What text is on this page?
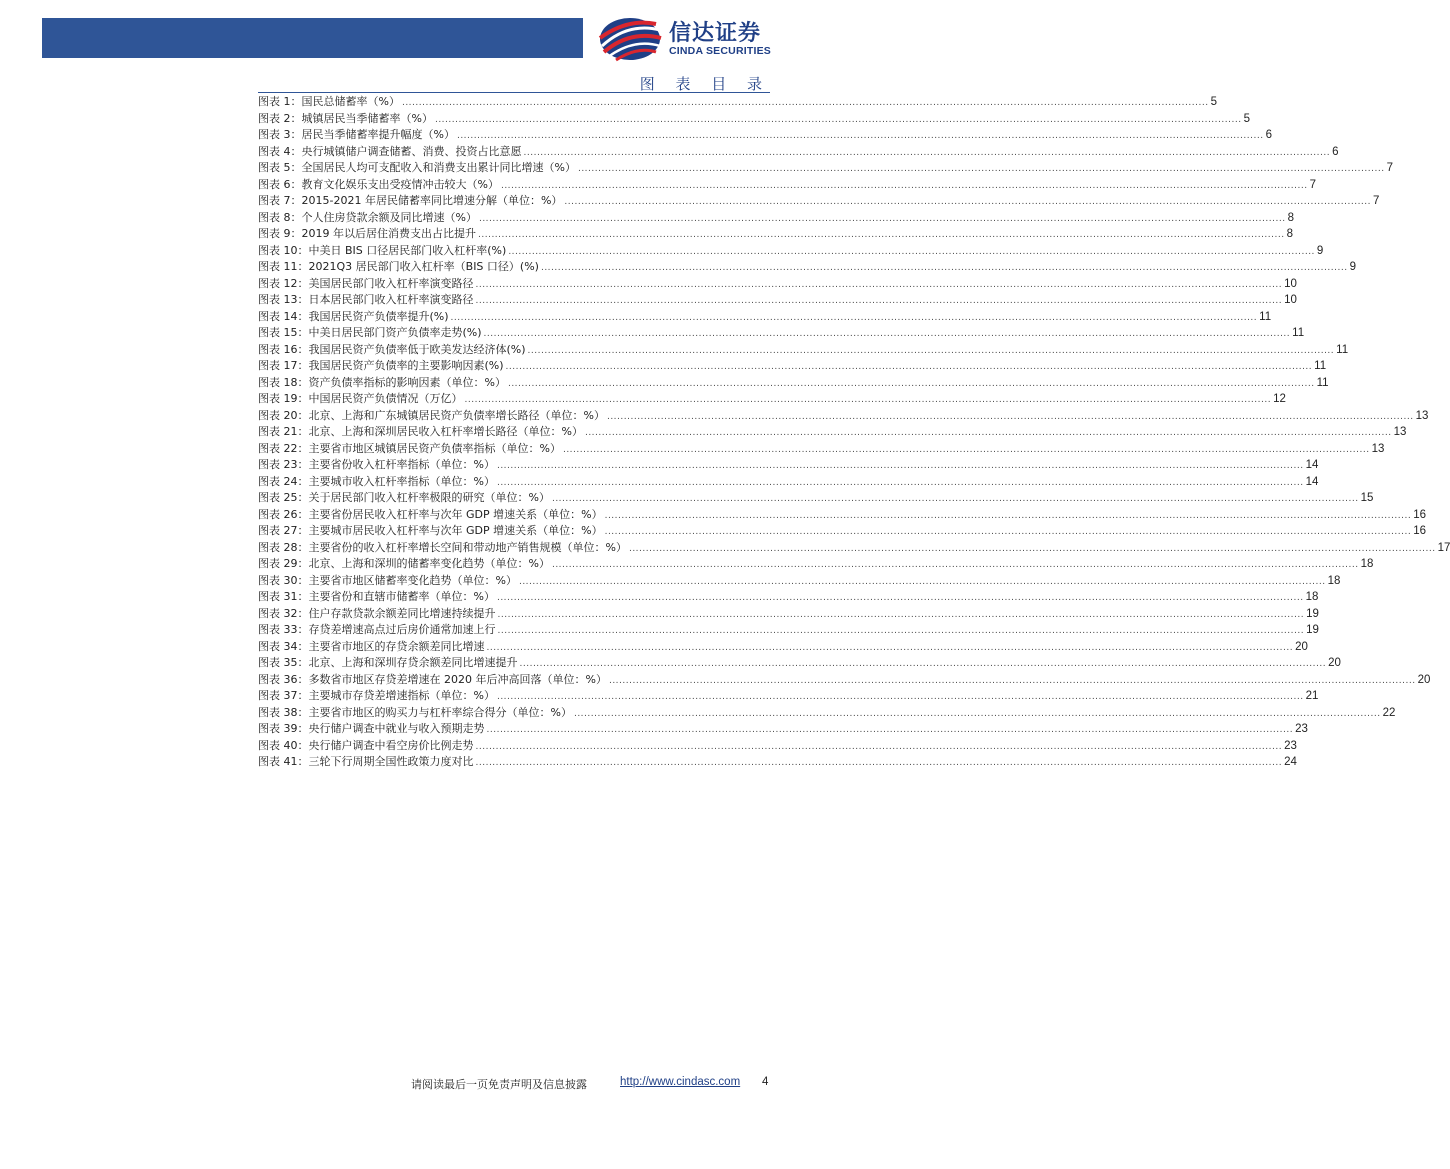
信达证券
CINDA SECURITIES
图 表 目 录
图表 1： 国民总储蓄率（%） .....	5
图表 2： 城镇居民当季储蓄率（%） .....	5
图表 3： 居民当季储蓄率提升幅度（%） .....	6
图表 4： 央行城镇储户调查储蓄、消费、投资占比意愿 .....	6
图表 5： 全国居民人均可支配收入和消费支出累计同比增速（%） .....	7
图表 6： 教育文化娱乐支出受疫情冲击较大（%） .....	7
图表 7： 2015-2021 年居民储蓄率同比增速分解（单位：%） .....	7
图表 8： 个人住房贷款余额及同比增速（%） .....	8
图表 9： 2019 年以后居住消费支出占比提升 .....	8
图表 10： 中美日 BIS 口径居民部门收入杠杆率(%) .....	9
图表 11： 2021Q3 居民部门收入杠杆率（BIS 口径）(%) .....	9
图表 12： 美国居民部门收入杠杆率演变路径 .....	10
图表 13： 日本居民部门收入杠杆率演变路径 .....	10
图表 14： 我国居民资产负债率提升(%) .....	11
图表 15： 中美日居民部门资产负债率走势(%) .....	11
图表 16： 我国居民资产负债率低于欧美发达经济体(%) .....	11
图表 17： 我国居民资产负债率的主要影响因素(%) .....	11
图表 18： 资产负债率指标的影响因素（单位：%） .....	11
图表 19： 中国居民资产负债情况（万亿） .....	12
图表 20： 北京、上海和广东城镇居民资产负债率增长路径（单位：%） .....	13
图表 21： 北京、上海和深圳居民收入杠杆率增长路径（单位：%） .....	13
图表 22： 主要省市地区城镇居民资产负债率指标（单位：%） .....	13
图表 23： 主要省份收入杠杆率指标（单位：%） .....	14
图表 24： 主要城市收入杠杆率指标（单位：%） .....	14
图表 25： 关于居民部门收入杠杆率极限的研究（单位：%） .....	15
图表 26： 主要省份居民收入杠杆率与次年 GDP 增速关系（单位：%） .....	16
图表 27： 主要城市居民收入杠杆率与次年 GDP 增速关系（单位：%） .....	16
图表 28： 主要省份的收入杠杆率增长空间和带动地产销售规模（单位：%） .....	17
图表 29： 北京、上海和深圳的储蓄率变化趋势（单位：%） .....	18
图表 30： 主要省市地区储蓄率变化趋势（单位：%） .....	18
图表 31： 主要省份和直辖市储蓄率（单位：%） .....	18
图表 32： 住户存款贷款余额差同比增速持续提升 .....	19
图表 33： 存贷差增速高点过后房价通常加速上行 .....	19
图表 34： 主要省市地区的存贷余额差同比增速 .....	20
图表 35： 北京、上海和深圳存贷余额差同比增速提升 .....	20
图表 36： 多数省市地区存贷差增速在 2020 年后冲高回落（单位：%） .....	20
图表 37： 主要城市存贷差增速指标（单位：%） .....	21
图表 38： 主要省市地区的购买力与杠杆率综合得分（单位：%） .....	22
图表 39： 央行储户调查中就业与收入预期走势 .....	23
图表 40： 央行储户调查中看空房价比例走势 .....	23
图表 41： 三轮下行周期全国性政策力度对比 .....	24
请阅读最后一页免责声明及信息披露	http://www.cindasc.com 4
